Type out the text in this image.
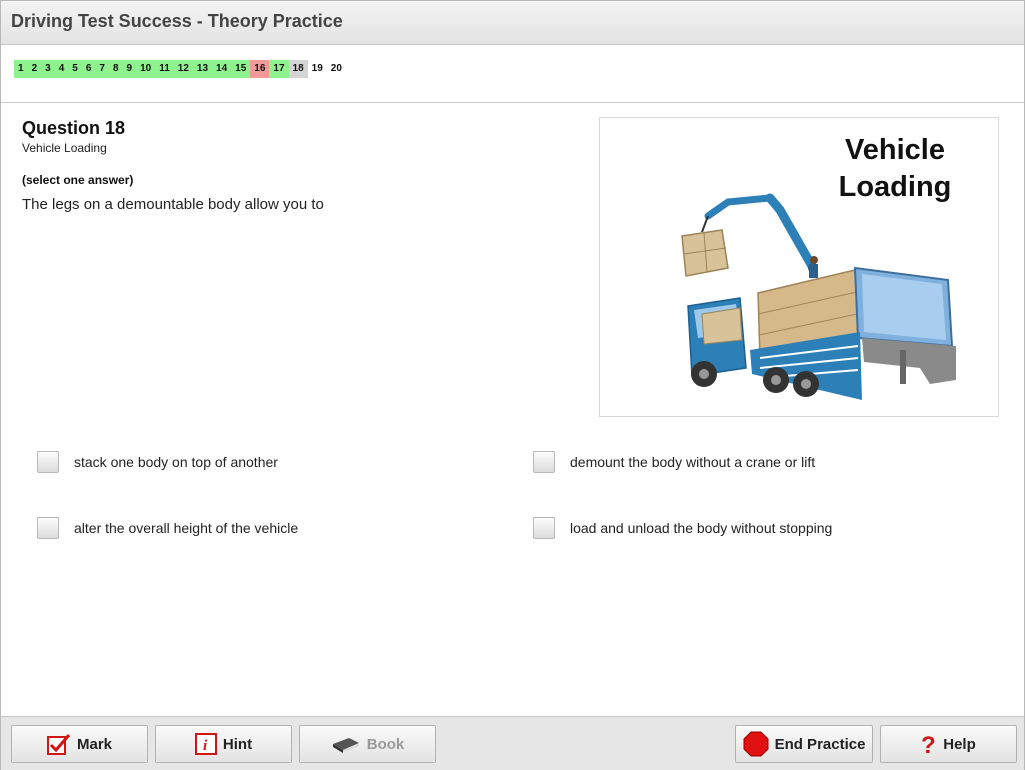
Driving Test Success - Theory Practice
1 2 3 4 5 6 7 8 9 10 11 12 13 14 15 16 17 18 19 20
Question 18
Vehicle Loading
(select one answer)
The legs on a demountable body allow you to
Vehicle
Loading
stack one body on top of another	demount the body without a crane or lift
alter the overall height of the vehicle	load and unload the body without stopping
Mark	i Hint	Book	End Practice ? Help
